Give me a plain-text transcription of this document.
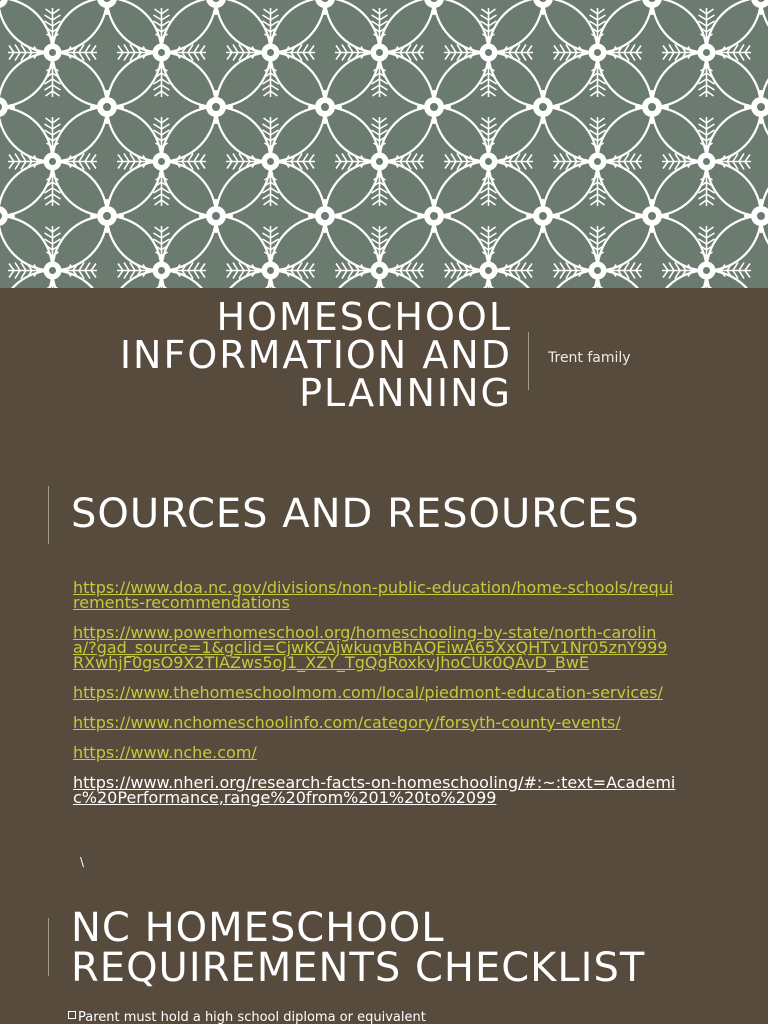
HOMESCHOOL
INFORMATION AND
PLANNING
Trent family
SOURCES AND RESOURCES
https://www.doa.nc.gov/divisions/non-public-education/home-schools/requirements-recommendations
https://www.powerhomeschool.org/homeschooling-by-state/north-carolina/?gad_source=1&gclid=CjwKCAjwkuqvBhAQEiwA65XxQHTv1Nr05znY999RXwhjF0gsO9X2TIAZws5oJ1_XZY_TgQgRoxkvJhoCUk0QAvD_BwE
https://www.thehomeschoolmom.com/local/piedmont-education-services/
https://www.nchomeschoolinfo.com/category/forsyth-county-events/
https://www.nche.com/
https://www.nheri.org/research-facts-on-homeschooling/#:~:text=Academic%20Performance,range%20from%201%20to%2099
\
NC HOMESCHOOL REQUIREMENTS CHECKLIST
Parent must hold a high school diploma or equivalent
